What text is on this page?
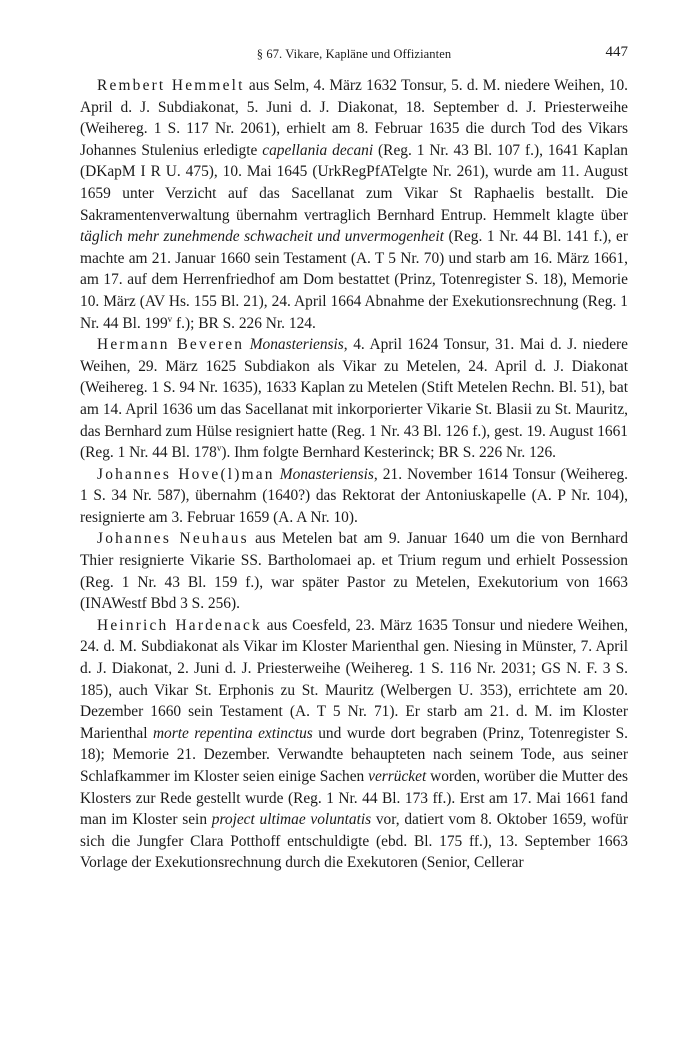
§ 67. Vikare, Kapläne und Offizianten	447

Rembert Hemmelt aus Selm, 4. März 1632 Tonsur, 5. d. M. niedere Weihen, 10. April d. J. Subdiakonat, 5. Juni d. J. Diakonat, 18. September d. J. Priesterweihe (Weihereg. 1 S. 117 Nr. 2061), erhielt am 8. Februar 1635 die durch Tod des Vikars Johannes Stulenius erledigte capellania decani (Reg. 1 Nr. 43 Bl. 107 f.), 1641 Kaplan (DKapM I R U. 475), 10. Mai 1645 (UrkRegPfATelgte Nr. 261), wurde am 11. August 1659 unter Verzicht auf das Sacellanat zum Vikar St Raphaelis bestallt. Die Sakramentenverwaltung übernahm vertraglich Bernhard Entrup. Hemmelt klagte über täglich mehr zunehmende schwacheit und unvermogenheit (Reg. 1 Nr. 44 Bl. 141 f.), er machte am 21. Januar 1660 sein Testament (A. T 5 Nr. 70) und starb am 16. März 1661, am 17. auf dem Herrenfriedhof am Dom bestattet (Prinz, Totenregister S. 18), Memorie 10. März (AV Hs. 155 Bl. 21), 24. April 1664 Abnahme der Exekutionsrechnung (Reg. 1 Nr. 44 Bl. 199$^v$ f.); BR S. 226 Nr. 124.

Hermann Beveren Monasteriensis, 4. April 1624 Tonsur, 31. Mai d. J. niedere Weihen, 29. März 1625 Subdiakon als Vikar zu Metelen, 24. April d. J. Diakonat (Weihereg. 1 S. 94 Nr. 1635), 1633 Kaplan zu Metelen (Stift Metelen Rechn. Bl. 51), bat am 14. April 1636 um das Sacellanat mit inkorporierter Vikarie St. Blasii zu St. Mauritz, das Bernhard zum Hülse resigniert hatte (Reg. 1 Nr. 43 Bl. 126 f.), gest. 19. August 1661 (Reg. 1 Nr. 44 Bl. 178$^v$). Ihm folgte Bernhard Kesterinck; BR S. 226 Nr. 126.

Johannes Hove(l)man Monasteriensis, 21. November 1614 Tonsur (Weihereg. 1 S. 34 Nr. 587), übernahm (1640?) das Rektorat der Antoniuskapelle (A. P Nr. 104), resignierte am 3. Februar 1659 (A. A Nr. 10).

Johannes Neuhaus aus Metelen bat am 9. Januar 1640 um die von Bernhard Thier resignierte Vikarie SS. Bartholomaei ap. et Trium regum und erhielt Possession (Reg. 1 Nr. 43 Bl. 159 f.), war später Pastor zu Metelen, Exekutorium von 1663 (INAWestf Bbd 3 S. 256).

Heinrich Hardenack aus Coesfeld, 23. März 1635 Tonsur und niedere Weihen, 24. d. M. Subdiakonat als Vikar im Kloster Marienthal gen. Niesing in Münster, 7. April d. J. Diakonat, 2. Juni d. J. Priesterweihe (Weihereg. 1 S. 116 Nr. 2031; GS N. F. 3 S. 185), auch Vikar St. Erphonis zu St. Mauritz (Welbergen U. 353), errichtete am 20. Dezember 1660 sein Testament (A. T 5 Nr. 71). Er starb am 21. d. M. im Kloster Marienthal morte repentina extinctus und wurde dort begraben (Prinz, Totenregister S. 18); Memorie 21. Dezember. Verwandte behaupteten nach seinem Tode, aus seiner Schlafkammer im Kloster seien einige Sachen verrücket worden, worüber die Mutter des Klosters zur Rede gestellt wurde (Reg. 1 Nr. 44 Bl. 173 ff.). Erst am 17. Mai 1661 fand man im Kloster sein project ultimae voluntatis vor, datiert vom 8. Oktober 1659, wofür sich die Jungfer Clara Potthoff entschuldigte (ebd. Bl. 175 ff.), 13. September 1663 Vorlage der Exekutionsrechnung durch die Exekutoren (Senior, Cellerar
